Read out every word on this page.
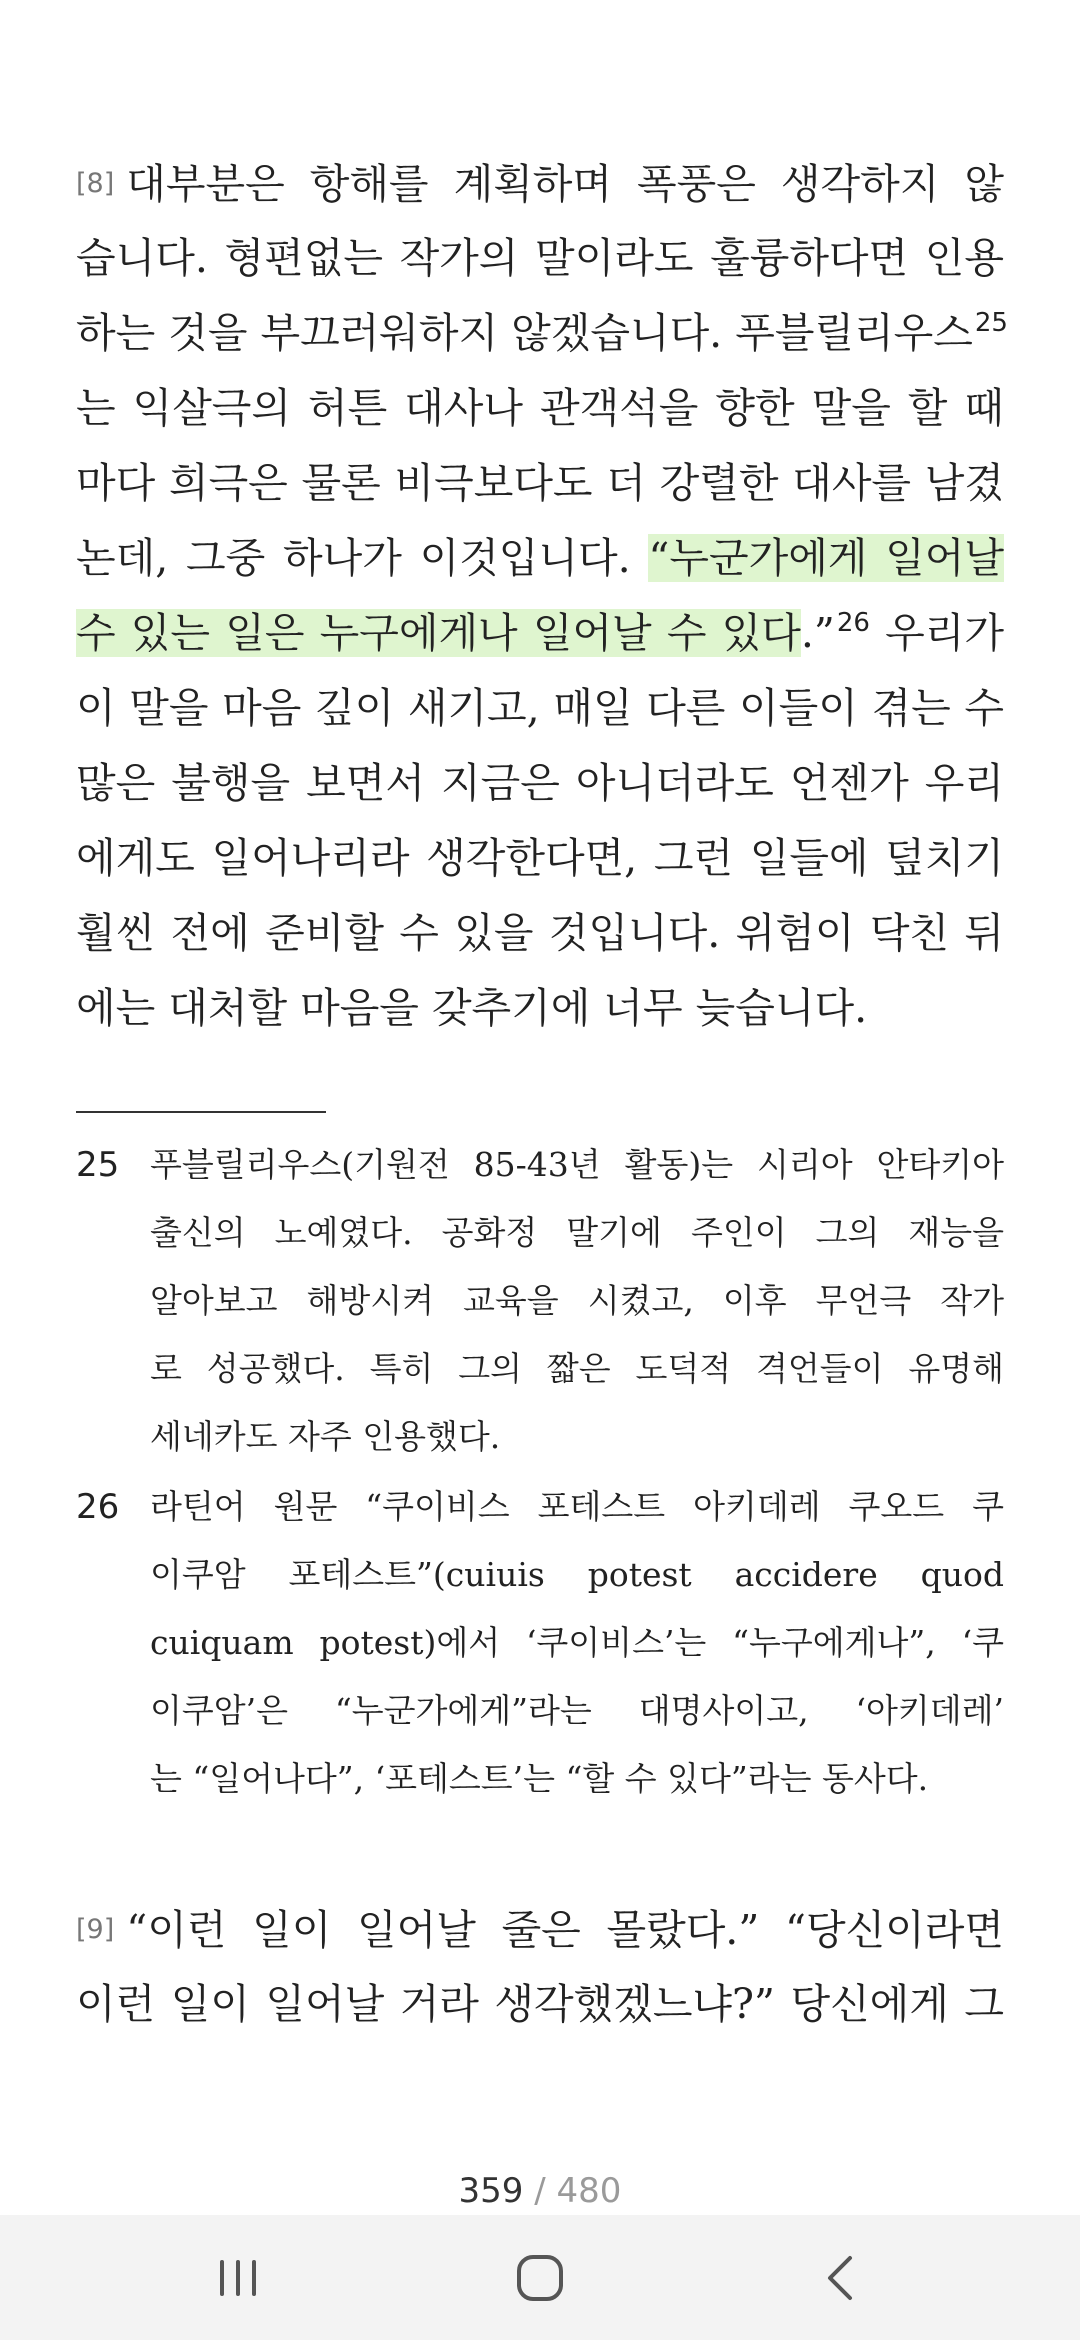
[8] 대부분은 항해를 계획하며 폭풍은 생각하지 않
습니다. 형편없는 작가의 말이라도 훌륭하다면 인용
하는 것을 부끄러워하지 않겠습니다. 푸블릴리우스$^{25}$
는 익살극의 허튼 대사나 관객석을 향한 말을 할 때
마다 희극은 물론 비극보다도 더 강렬한 대사를 남겼
논데, 그중 하나가 이것입니다. “누군가에게 일어날
수 있는 일은 누구에게나 일어날 수 있다.”$^{26}$ 우리가
이 말을 마음 깊이 새기고, 매일 다른 이들이 겪는 수
많은 불행을 보면서 지금은 아니더라도 언젠가 우리
에게도 일어나리라 생각한다면, 그런 일들에 덮치기
훨씬 전에 준비할 수 있을 것입니다. 위험이 닥친 뒤
에는 대처할 마음을 갖추기에 너무 늦습니다.
25 푸블릴리우스(기원전 85-43년 활동)는 시리아 안타키아
출신의 노예였다. 공화정 말기에 주인이 그의 재능을
알아보고 해방시켜 교육을 시켰고, 이후 무언극 작가
로 성공했다. 특히 그의 짧은 도덕적 격언들이 유명해
세네카도 자주 인용했다.
26 라틴어 원문 “쿠이비스 포테스트 아키데레 쿠오드 쿠
이쿠암 포테스트”(cuiuis potest accidere quod
cuiquam potest)에서 ‘쿠이비스’는 “누구에게나”, ‘쿠
이쿠암’은 “누군가에게”라는 대명사이고, ‘아키데레’
는 “일어나다”, ‘포테스트’는 “할 수 있다”라는 동사다.
[9] “이런 일이 일어날 줄은 몰랐다.” “당신이라면
이런 일이 일어날 거라 생각했겠느냐?” 당신에게 그
359 / 480
